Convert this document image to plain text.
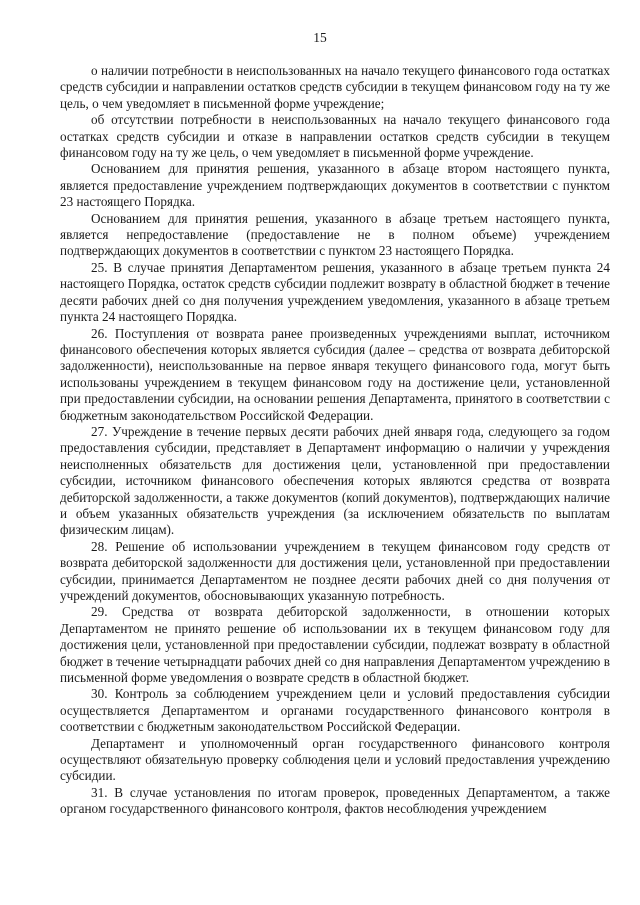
15

о наличии потребности в неиспользованных на начало текущего финансового года остатках средств субсидии и направлении остатков средств субсидии в текущем финансовом году на ту же цель, о чем уведомляет в письменной форме учреждение;

об отсутствии потребности в неиспользованных на начало текущего финансового года остатках средств субсидии и отказе в направлении остатков средств субсидии в текущем финансовом году на ту же цель, о чем уведомляет в письменной форме учреждение.

Основанием для принятия решения, указанного в абзаце втором настоящего пункта, является предоставление учреждением подтверждающих документов в соответствии с пунктом 23 настоящего Порядка.

Основанием для принятия решения, указанного в абзаце третьем настоящего пункта, является непредоставление (предоставление не в полном объеме) учреждением подтверждающих документов в соответствии с пунктом 23 настоящего Порядка.

25. В случае принятия Департаментом решения, указанного в абзаце третьем пункта 24 настоящего Порядка, остаток средств субсидии подлежит возврату в областной бюджет в течение десяти рабочих дней со дня получения учреждением уведомления, указанного в абзаце третьем пункта 24 настоящего Порядка.

26. Поступления от возврата ранее произведенных учреждениями выплат, источником финансового обеспечения которых является субсидия (далее – средства от возврата дебиторской задолженности), неиспользованные на первое января текущего финансового года, могут быть использованы учреждением в текущем финансовом году на достижение цели, установленной при предоставлении субсидии, на основании решения Департамента, принятого в соответствии с бюджетным законодательством Российской Федерации.

27. Учреждение в течение первых десяти рабочих дней января года, следующего за годом предоставления субсидии, представляет в Департамент информацию о наличии у учреждения неисполненных обязательств для достижения цели, установленной при предоставлении субсидии, источником финансового обеспечения которых являются средства от возврата дебиторской задолженности, а также документов (копий документов), подтверждающих наличие и объем указанных обязательств учреждения (за исключением обязательств по выплатам физическим лицам).

28. Решение об использовании учреждением в текущем финансовом году средств от возврата дебиторской задолженности для достижения цели, установленной при предоставлении субсидии, принимается Департаментом не позднее десяти рабочих дней со дня получения от учреждений документов, обосновывающих указанную потребность.

29. Средства от возврата дебиторской задолженности, в отношении которых Департаментом не принято решение об использовании их в текущем финансовом году для достижения цели, установленной при предоставлении субсидии, подлежат возврату в областной бюджет в течение четырнадцати рабочих дней со дня направления Департаментом учреждению в письменной форме уведомления о возврате средств в областной бюджет.

30. Контроль за соблюдением учреждением цели и условий предоставления субсидии осуществляется Департаментом и органами государственного финансового контроля в соответствии с бюджетным законодательством Российской Федерации.

Департамент и уполномоченный орган государственного финансового контроля осуществляют обязательную проверку соблюдения цели и условий предоставления учреждению субсидии.

31. В случае установления по итогам проверок, проведенных Департаментом, а также органом государственного финансового контроля, фактов несоблюдения учреждением
